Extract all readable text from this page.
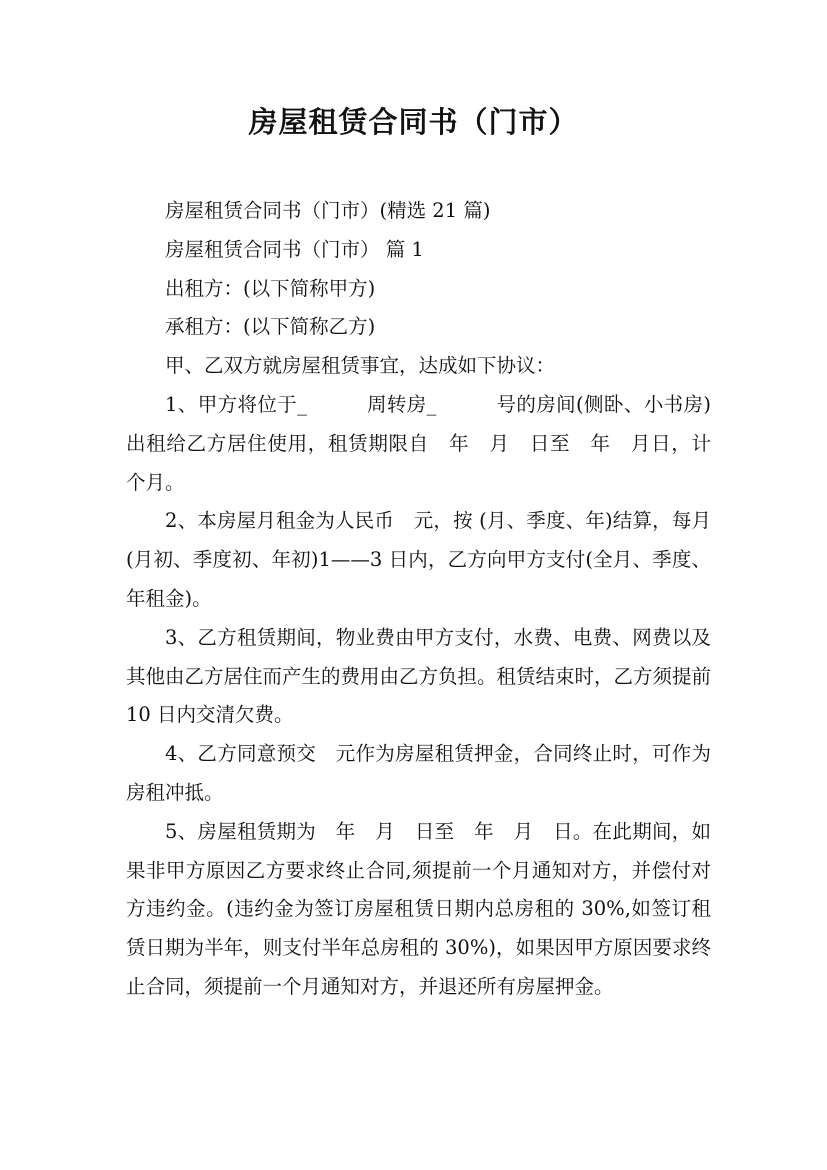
房屋租赁合同书（门市）

房屋租赁合同书（门市）(精选 21 篇)

房屋租赁合同书（门市） 篇 1

出租方：(以下简称甲方)

承租方：(以下简称乙方)

甲、乙双方就房屋租赁事宜，达成如下协议：

1、甲方将位于_　　　周转房_　　　号的房间(侧卧、小书房)出租给乙方居住使用，租赁期限自　年　月　日至　年　月日，计　个月。

2、本房屋月租金为人民币　元，按 (月、季度、年)结算，每月(月初、季度初、年初)1——3 日内，乙方向甲方支付(全月、季度、年租金)。

3、乙方租赁期间，物业费由甲方支付，水费、电费、网费以及其他由乙方居住而产生的费用由乙方负担。租赁结束时，乙方须提前 10 日内交清欠费。

4、乙方同意预交　元作为房屋租赁押金，合同终止时，可作为房租冲抵。

5、房屋租赁期为　年　月　日至　年　月　日。在此期间，如果非甲方原因乙方要求终止合同,须提前一个月通知对方，并偿付对方违约金。(违约金为签订房屋租赁日期内总房租的 30%,如签订租赁日期为半年，则支付半年总房租的 30%)，如果因甲方原因要求终止合同，须提前一个月通知对方，并退还所有房屋押金。
